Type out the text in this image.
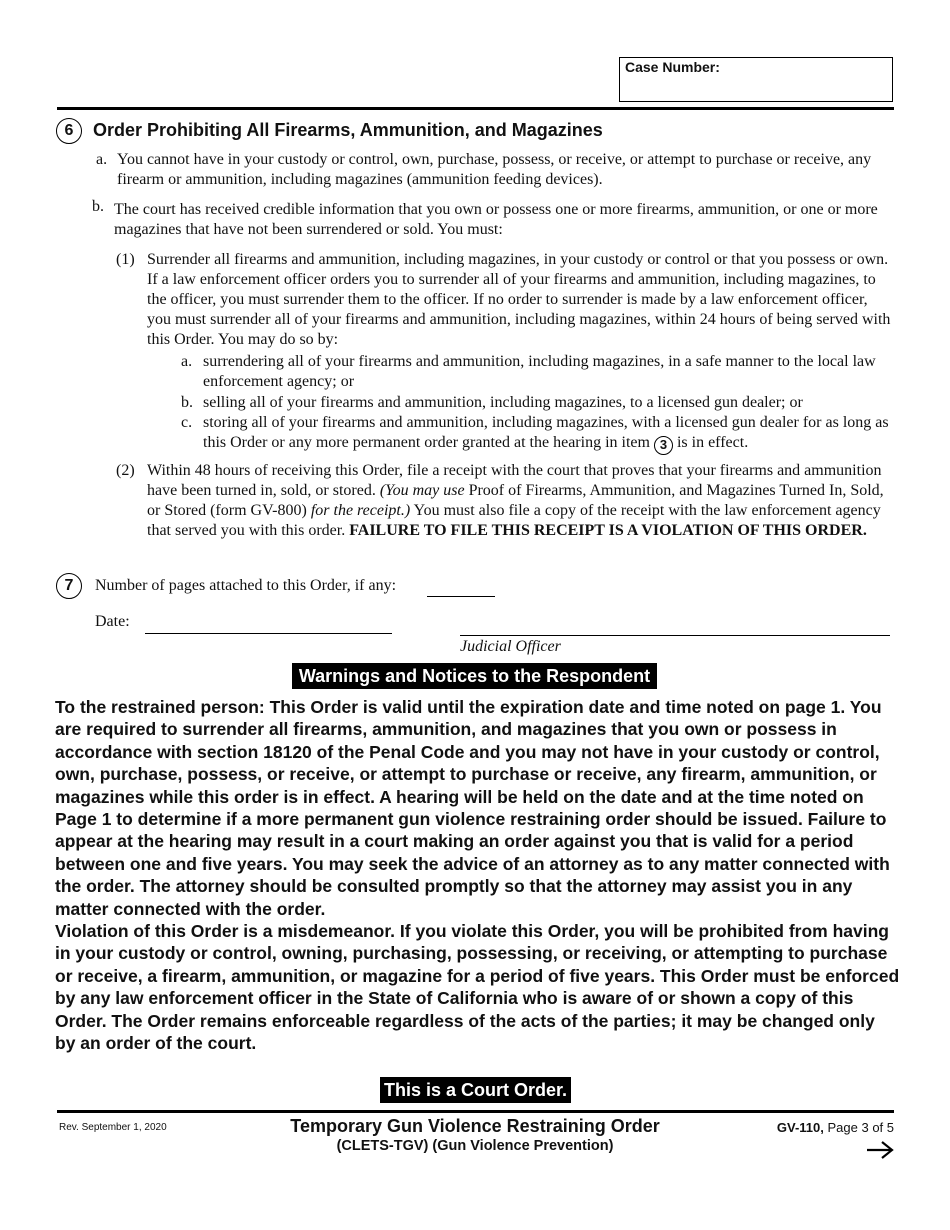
Case Number:
6	Order Prohibiting All Firearms, Ammunition, and Magazines
a. You cannot have in your custody or control, own, purchase, possess, or receive, or attempt to purchase or receive, any firearm or ammunition, including magazines (ammunition feeding devices).
b. The court has received credible information that you own or possess one or more firearms, ammunition, or one or more magazines that have not been surrendered or sold. You must:
(1) Surrender all firearms and ammunition, including magazines, in your custody or control or that you possess or own. If a law enforcement officer orders you to surrender all of your firearms and ammunition, including magazines, to the officer, you must surrender them to the officer. If no order to surrender is made by a law enforcement officer, you must surrender all of your firearms and ammunition, including magazines, within 24 hours of being served with this Order. You may do so by:
a. surrendering all of your firearms and ammunition, including magazines, in a safe manner to the local law enforcement agency; or
b. selling all of your firearms and ammunition, including magazines, to a licensed gun dealer; or
c. storing all of your firearms and ammunition, including magazines, with a licensed gun dealer for as long as this Order or any more permanent order granted at the hearing in item 3 is in effect.
(2) Within 48 hours of receiving this Order, file a receipt with the court that proves that your firearms and ammunition have been turned in, sold, or stored. (You may use Proof of Firearms, Ammunition, and Magazines Turned In, Sold, or Stored (form GV-800) for the receipt.) You must also file a copy of the receipt with the law enforcement agency that served you with this order. FAILURE TO FILE THIS RECEIPT IS A VIOLATION OF THIS ORDER.
7	Number of pages attached to this Order, if any:
Date:
Judicial Officer
Warnings and Notices to the Respondent

To the restrained person: This Order is valid until the expiration date and time noted on page 1. You are required to surrender all firearms, ammunition, and magazines that you own or possess in accordance with section 18120 of the Penal Code and you may not have in your custody or control, own, purchase, possess, or receive, or attempt to purchase or receive, any firearm, ammunition, or magazines while this order is in effect. A hearing will be held on the date and at the time noted on Page 1 to determine if a more permanent gun violence restraining order should be issued. Failure to appear at the hearing may result in a court making an order against you that is valid for a period between one and five years. You may seek the advice of an attorney as to any matter connected with the order. The attorney should be consulted promptly so that the attorney may assist you in any matter connected with the order.

Violation of this Order is a misdemeanor. If you violate this Order, you will be prohibited from having in your custody or control, owning, purchasing, possessing, or receiving, or attempting to purchase or receive, a firearm, ammunition, or magazine for a period of five years. This Order must be enforced by any law enforcement officer in the State of California who is aware of or shown a copy of this Order. The Order remains enforceable regardless of the acts of the parties; it may be changed only by an order of the court.

This is a Court Order.
Rev. September 1, 2020	Temporary Gun Violence Restraining Order
(CLETS-TGV) (Gun Violence Prevention)
GV-110, Page 3 of 5
